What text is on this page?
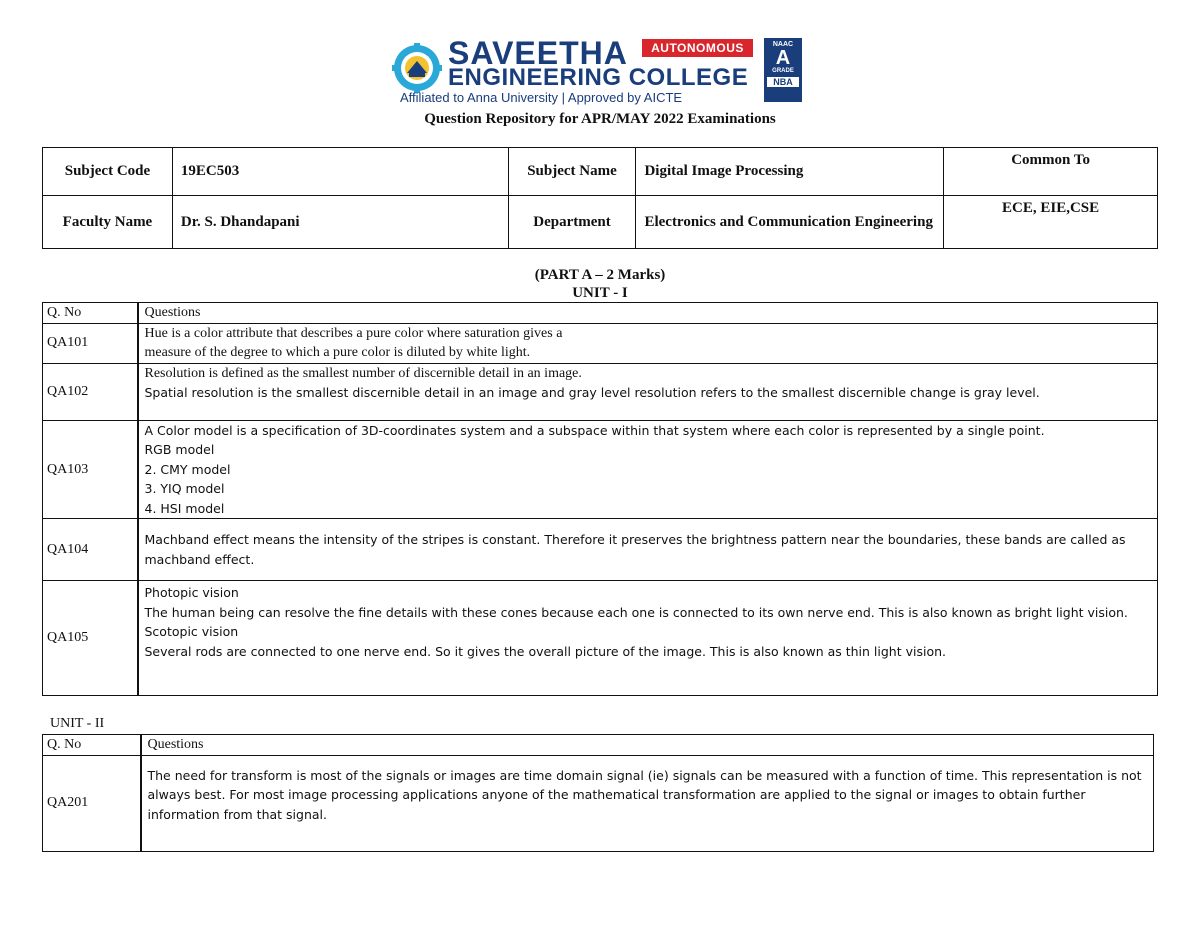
SAVEETHA
ENGINEERING COLLEGE
Affiliated to Anna University | Approved by AICTE
AUTONOMOUS	NAAC
A
GRADE
NBA
Question Repository for APR/MAY 2022 Examinations
Subject Code	19EC503	Subject Name	Digital Image Processing	Common To
Faculty Name	Dr. S. Dhandapani	Department	Electronics and Communication Engineering	ECE, EIE,CSE
(PART A – 2 Marks)
UNIT - I
Q. No	Questions
QA101	Hue is a color attribute that describes a pure color where saturation gives a
measure of the degree to which a pure color is diluted by white light.

QA102	Resolution is defined as the smallest number of discernible detail in an image.
Spatial resolution is the smallest discernible detail in an image and gray level resolution refers to the smallest discernible change is gray level.

QA103	A Color model is a specification of 3D-coordinates system and a subspace within that system where each color is represented by a single point.
RGB model
2. CMY model
3. YIQ model
4. HSI model

QA104	Machband effect means the intensity of the stripes is constant. Therefore it preserves the brightness pattern near the boundaries, these bands are called as machband effect.

QA105	Photopic vision
The human being can resolve the fine details with these cones because each one is connected to its own nerve end. This is also known as bright light vision.
Scotopic vision
Several rods are connected to one nerve end. So it gives the overall picture of the image. This is also known as thin light vision.
UNIT - II
Q. No	Questions
QA201	The need for transform is most of the signals or images are time domain signal (ie) signals can be measured with a function of time. This representation is not always best. For most image processing applications anyone of the mathematical transformation are applied to the signal or images to obtain further information from that signal.
